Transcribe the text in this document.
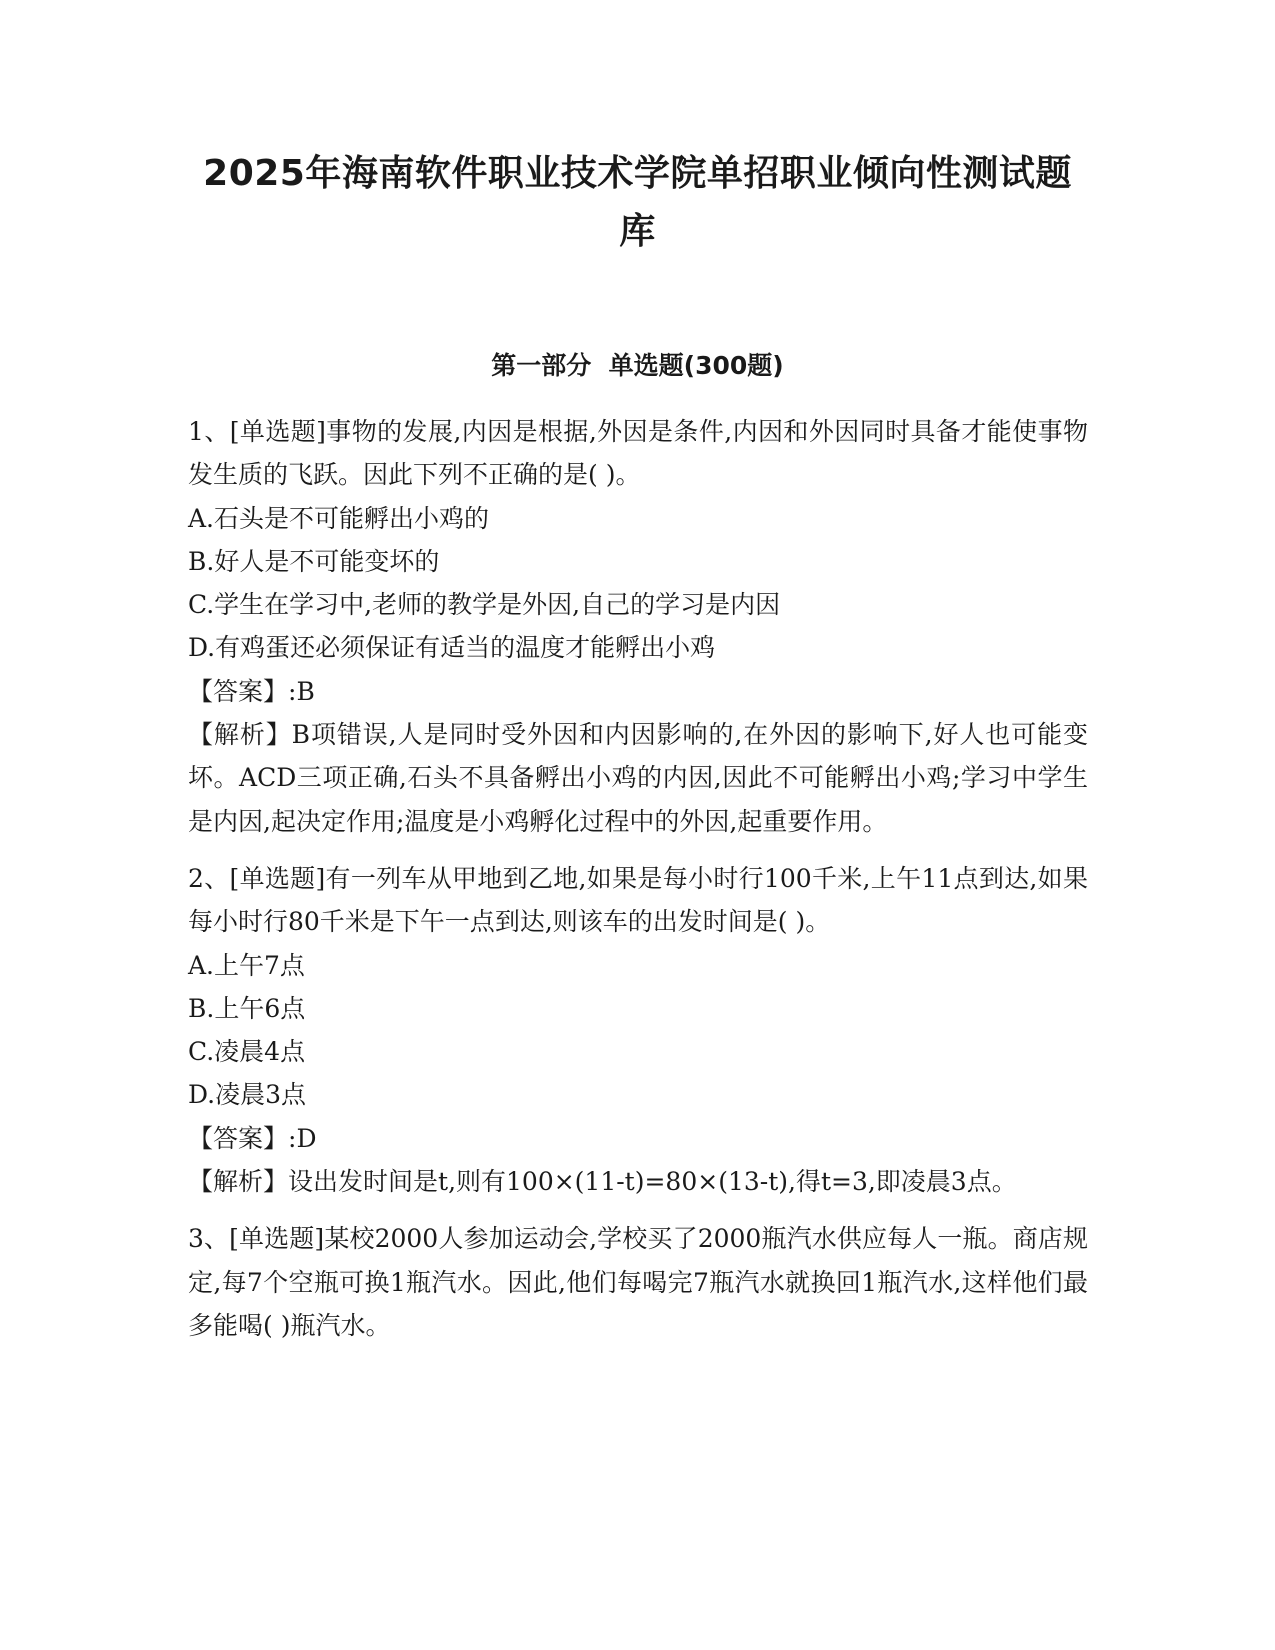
2025年海南软件职业技术学院单招职业倾向性测试题
库
第一部分  单选题(300题)

1、[单选题]事物的发展,内因是根据,外因是条件,内因和外因同时具备才能使事物发生质的飞跃。因此下列不正确的是( )。

A.石头是不可能孵出小鸡的

B.好人是不可能变坏的

C.学生在学习中,老师的教学是外因,自己的学习是内因

D.有鸡蛋还必须保证有适当的温度才能孵出小鸡

【答案】:B

【解析】B项错误,人是同时受外因和内因影响的,在外因的影响下,好人也可能变坏。ACD三项正确,石头不具备孵出小鸡的内因,因此不可能孵出小鸡;学习中学生是内因,起决定作用;温度是小鸡孵化过程中的外因,起重要作用。

2、[单选题]有一列车从甲地到乙地,如果是每小时行100千米,上午11点到达,如果每小时行80千米是下午一点到达,则该车的出发时间是( )。

A.上午7点

B.上午6点

C.凌晨4点

D.凌晨3点

【答案】:D

【解析】设出发时间是t,则有100×(11-t)=80×(13-t),得t=3,即凌晨3点。

3、[单选题]某校2000人参加运动会,学校买了2000瓶汽水供应每人一瓶。商店规定,每7个空瓶可换1瓶汽水。因此,他们每喝完7瓶汽水就换回1瓶汽水,这样他们最多能喝( )瓶汽水。
